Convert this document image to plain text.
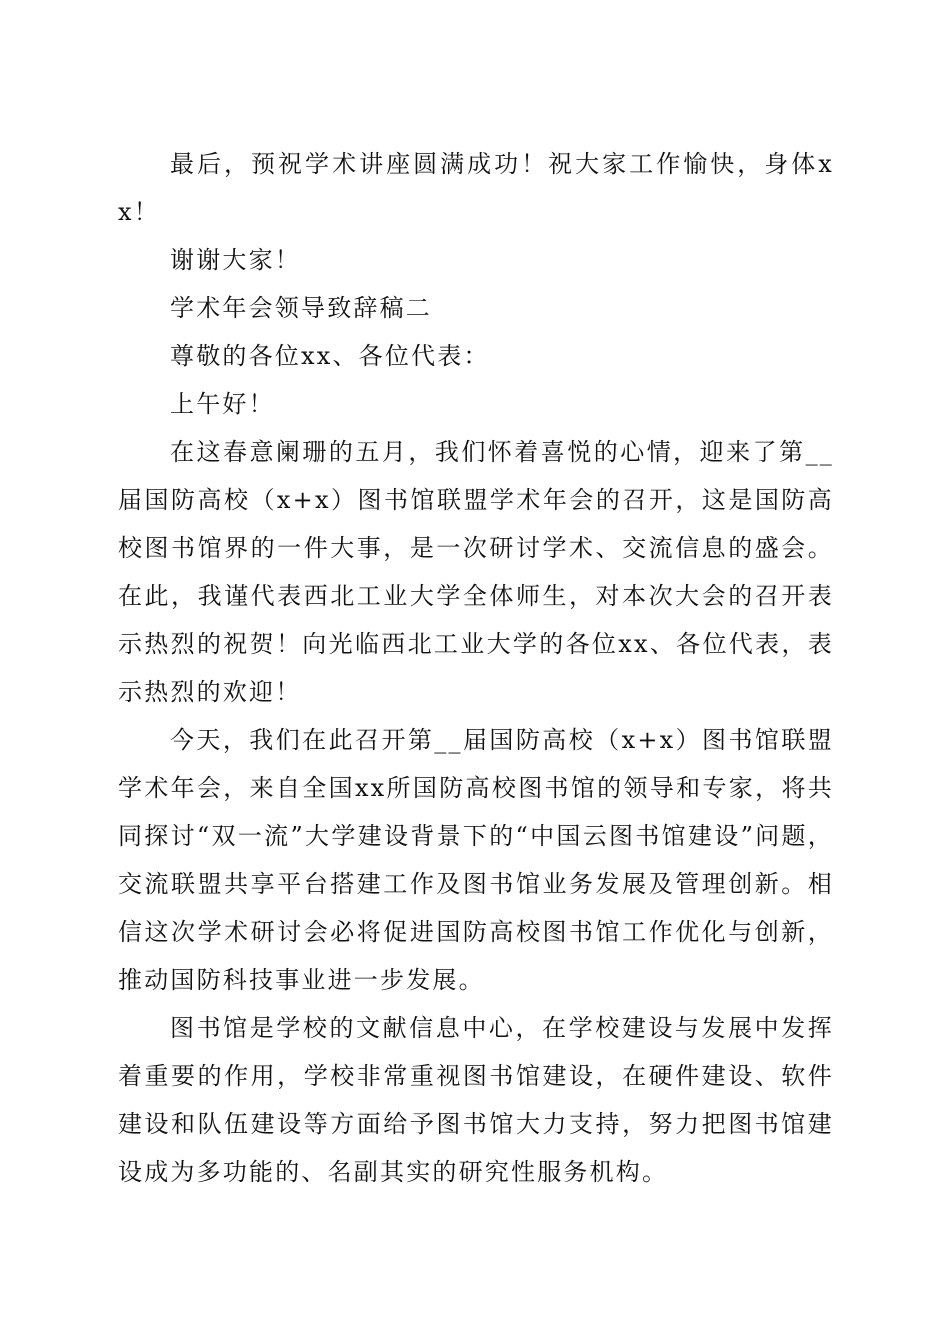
最后，预祝学术讲座圆满成功！祝大家工作愉快，身体xx！

谢谢大家！

学术年会领导致辞稿二

尊敬的各位xx、各位代表：

上午好！

在这春意阑珊的五月，我们怀着喜悦的心情，迎来了第__届国防高校（x+x）图书馆联盟学术年会的召开，这是国防高校图书馆界的一件大事，是一次研讨学术、交流信息的盛会。在此，我谨代表西北工业大学全体师生，对本次大会的召开表示热烈的祝贺！向光临西北工业大学的各位xx、各位代表，表示热烈的欢迎！

今天，我们在此召开第__届国防高校（x+x）图书馆联盟学术年会，来自全国xx所国防高校图书馆的领导和专家，将共同探讨“双一流”大学建设背景下的“中国云图书馆建设”问题，交流联盟共享平台搭建工作及图书馆业务发展及管理创新。相信这次学术研讨会必将促进国防高校图书馆工作优化与创新，推动国防科技事业进一步发展。

图书馆是学校的文献信息中心，在学校建设与发展中发挥着重要的作用，学校非常重视图书馆建设，在硬件建设、软件建设和队伍建设等方面给予图书馆大力支持，努力把图书馆建设成为多功能的、名副其实的研究性服务机构。
